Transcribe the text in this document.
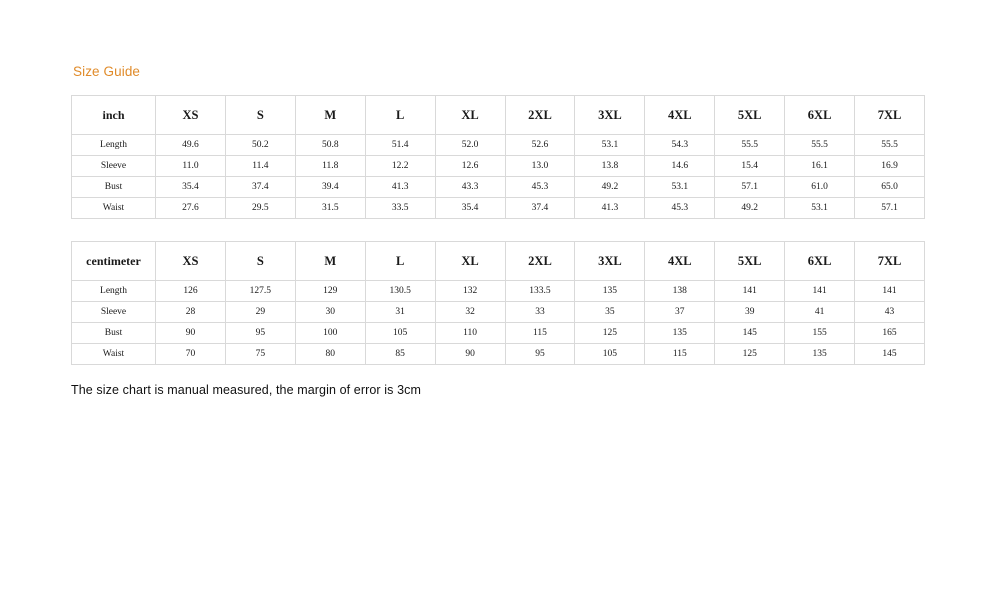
Size Guide
inch	XS	S	M	L	XL	2XL	3XL	4XL	5XL	6XL	7XL
Length	49.6	50.2	50.8	51.4	52.0	52.6	53.1	54.3	55.5	55.5	55.5
Sleeve	11.0	11.4	11.8	12.2	12.6	13.0	13.8	14.6	15.4	16.1	16.9
Bust	35.4	37.4	39.4	41.3	43.3	45.3	49.2	53.1	57.1	61.0	65.0
Waist	27.6	29.5	31.5	33.5	35.4	37.4	41.3	45.3	49.2	53.1	57.1
centimeter	XS	S	M	L	XL	2XL	3XL	4XL	5XL	6XL	7XL
Length	126	127.5	129	130.5	132	133.5	135	138	141	141	141
Sleeve	28	29	30	31	32	33	35	37	39	41	43
Bust	90	95	100	105	110	115	125	135	145	155	165
Waist	70	75	80	85	90	95	105	115	125	135	145
The size chart is manual measured, the margin of error is 3cm
